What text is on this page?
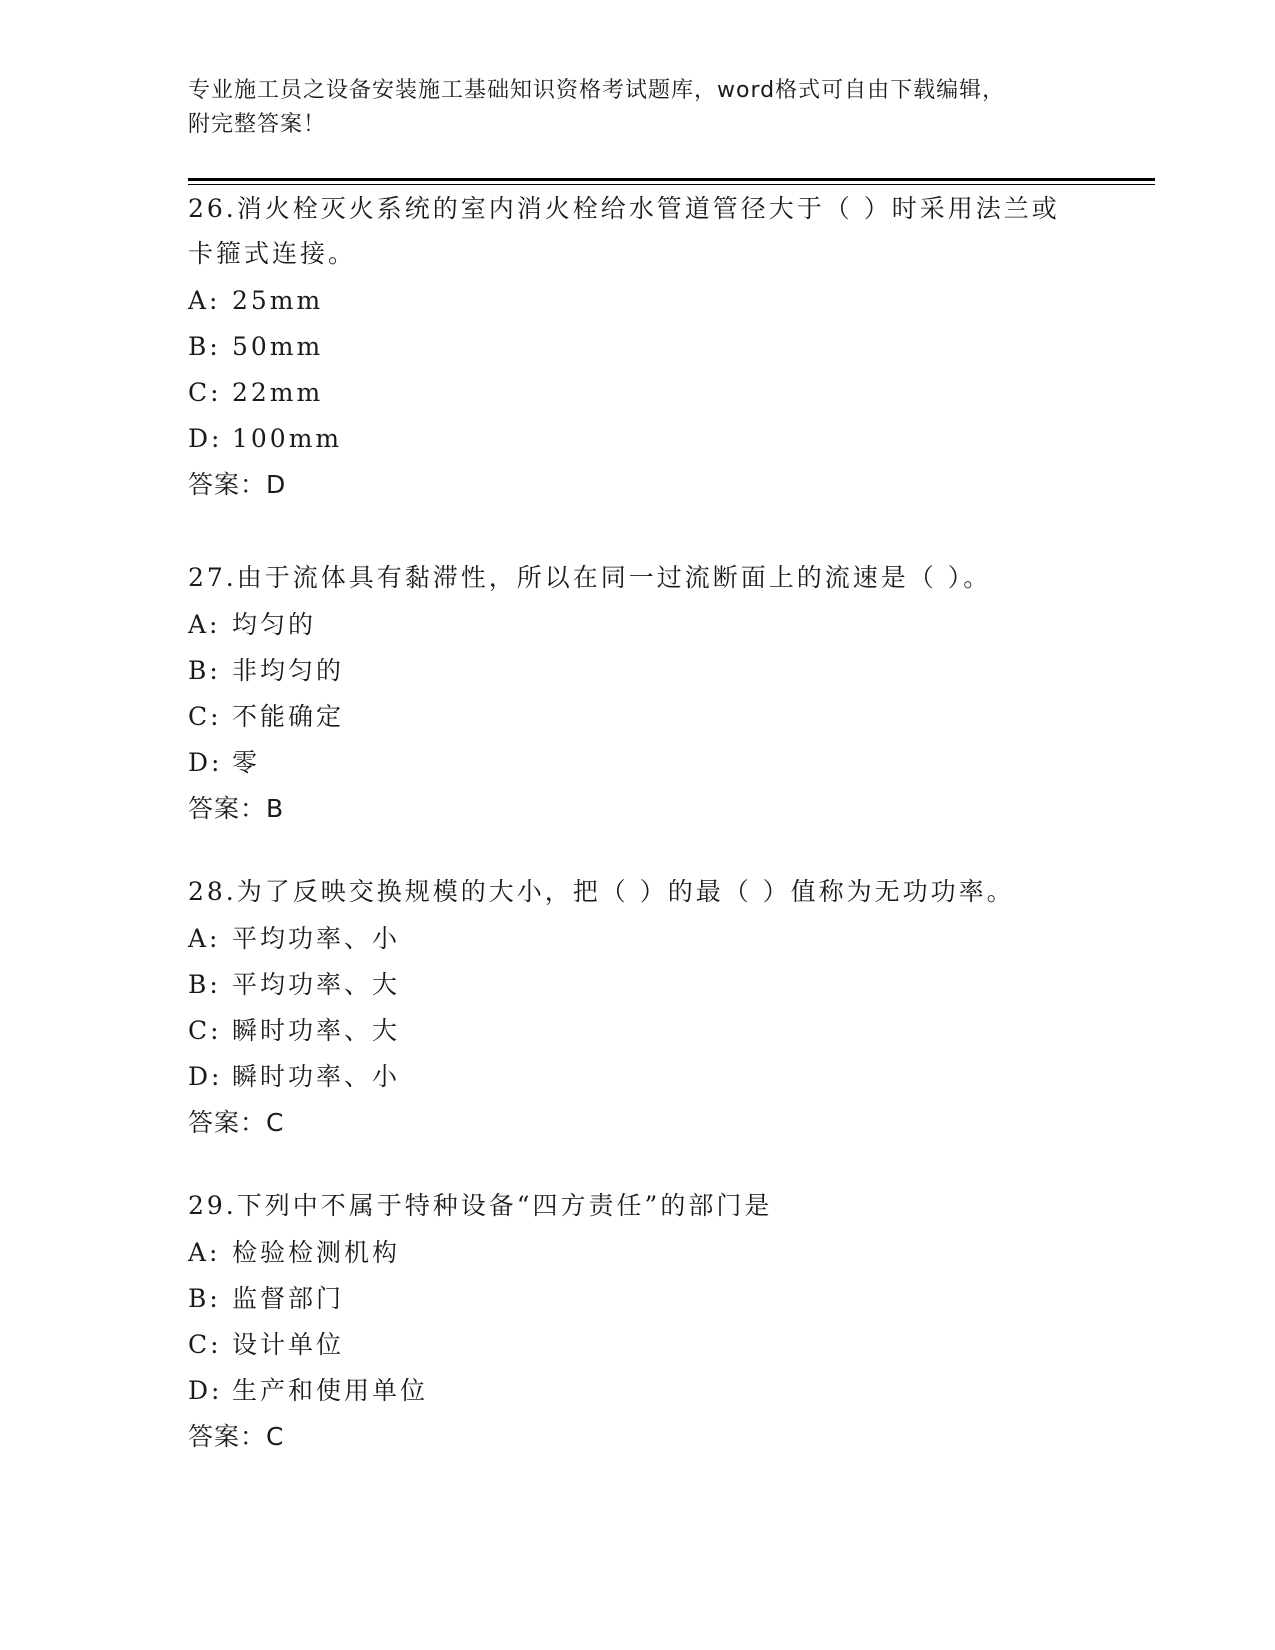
专业施工员之设备安装施工基础知识资格考试题库，word格式可自由下载编辑，
附完整答案！
26.消火栓灭火系统的室内消火栓给水管道管径大于（ ）时采用法兰或卡箍式连接。
A: 25mm
B: 50mm
C: 22mm
D: 100mm
答案：D
27.由于流体具有黏滞性，所以在同一过流断面上的流速是（ ）。
A: 均匀的
B: 非均匀的
C: 不能确定
D: 零
答案：B
28.为了反映交换规模的大小，把（ ）的最（ ）值称为无功功率。
A: 平均功率、小
B: 平均功率、大
C: 瞬时功率、大
D: 瞬时功率、小
答案：C
29.下列中不属于特种设备“四方责任”的部门是
A: 检验检测机构
B: 监督部门
C: 设计单位
D: 生产和使用单位
答案：C
